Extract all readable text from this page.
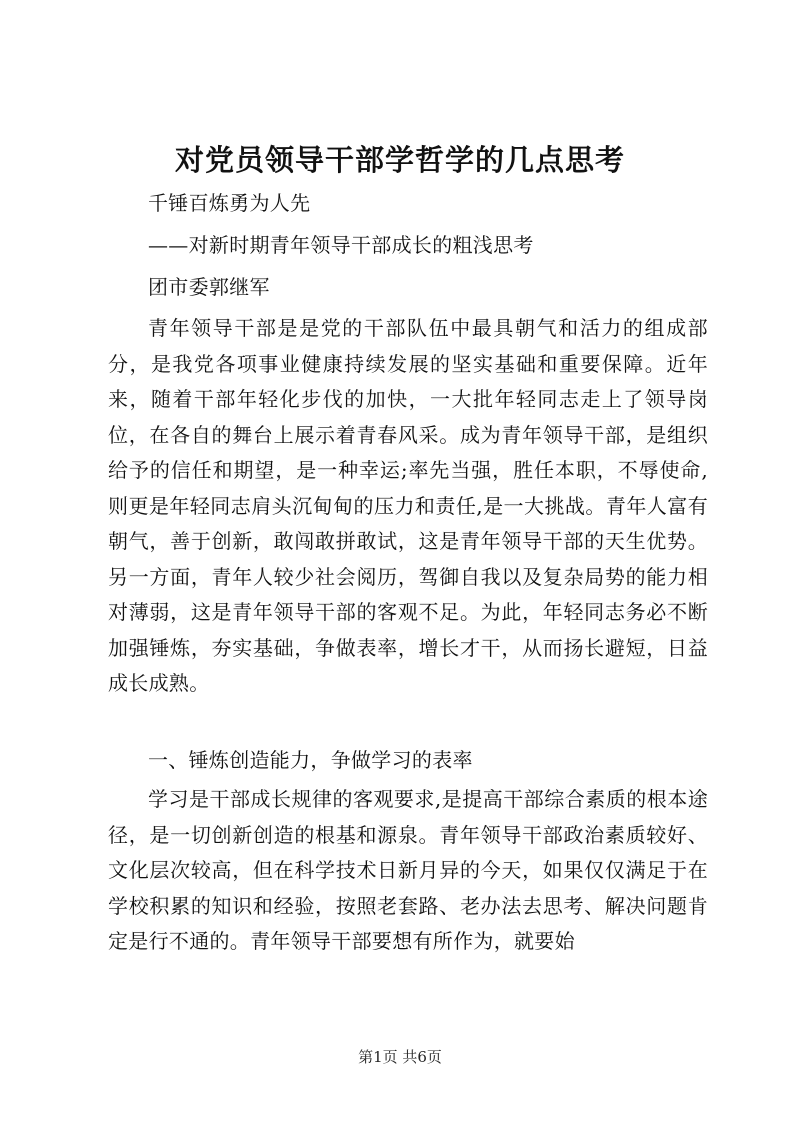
对党员领导干部学哲学的几点思考
千锤百炼勇为人先
——对新时期青年领导干部成长的粗浅思考
团市委郭继军
青年领导干部是是党的干部队伍中最具朝气和活力的组成部分，是我党各项事业健康持续发展的坚实基础和重要保障。近年来，随着干部年轻化步伐的加快，一大批年轻同志走上了领导岗位，在各自的舞台上展示着青春风采。成为青年领导干部，是组织给予的信任和期望，是一种幸运;率先当强，胜任本职，不辱使命,则更是年轻同志肩头沉甸甸的压力和责任,是一大挑战。青年人富有朝气，善于创新，敢闯敢拼敢试，这是青年领导干部的天生优势。另一方面，青年人较少社会阅历，驾御自我以及复杂局势的能力相对薄弱，这是青年领导干部的客观不足。为此，年轻同志务必不断加强锤炼，夯实基础，争做表率，增长才干，从而扬长避短，日益成长成熟。
一、锤炼创造能力，争做学习的表率
学习是干部成长规律的客观要求,是提高干部综合素质的根本途径，是一切创新创造的根基和源泉。青年领导干部政治素质较好、文化层次较高，但在科学技术日新月异的今天，如果仅仅满足于在学校积累的知识和经验，按照老套路、老办法去思考、解决问题肯定是行不通的。青年领导干部要想有所作为，就要始
第1页 共6页
